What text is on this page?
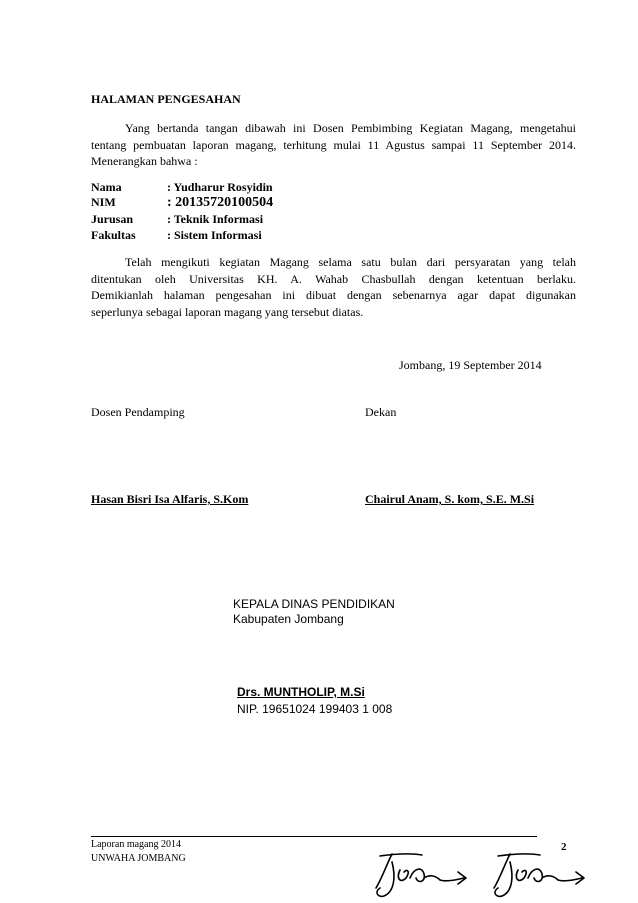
HALAMAN PENGESAHAN
Yang bertanda tangan dibawah ini Dosen Pembimbing Kegiatan Magang, mengetahui
tentang pembuatan laporan magang, terhitung mulai 11 Agustus sampai 11 September 2014.
Menerangkan bahwa :
Nama	: Yudharur Rosyidin
NIM	: 20135720100504
Jurusan	: Teknik Informasi
Fakultas	: Sistem Informasi
Telah mengikuti kegiatan Magang selama satu bulan dari persyaratan yang telah
ditentukan oleh Universitas KH. A. Wahab Chasbullah dengan ketentuan berlaku.
Demikianlah halaman pengesahan ini dibuat dengan sebenarnya agar dapat digunakan
seperlunya sebagai laporan magang yang tersebut diatas.
Jombang, 19 September 2014
Dosen Pendamping	Dekan
Hasan Bisri Isa Alfaris, S.Kom	Chairul Anam, S. kom, S.E. M.Si
KEPALA DINAS PENDIDIKAN
Kabupaten Jombang
Drs. MUNTHOLIP, M.Si
NIP. 19651024 199403 1 008
Laporan magang 2014
UNWAHA JOMBANG
2
